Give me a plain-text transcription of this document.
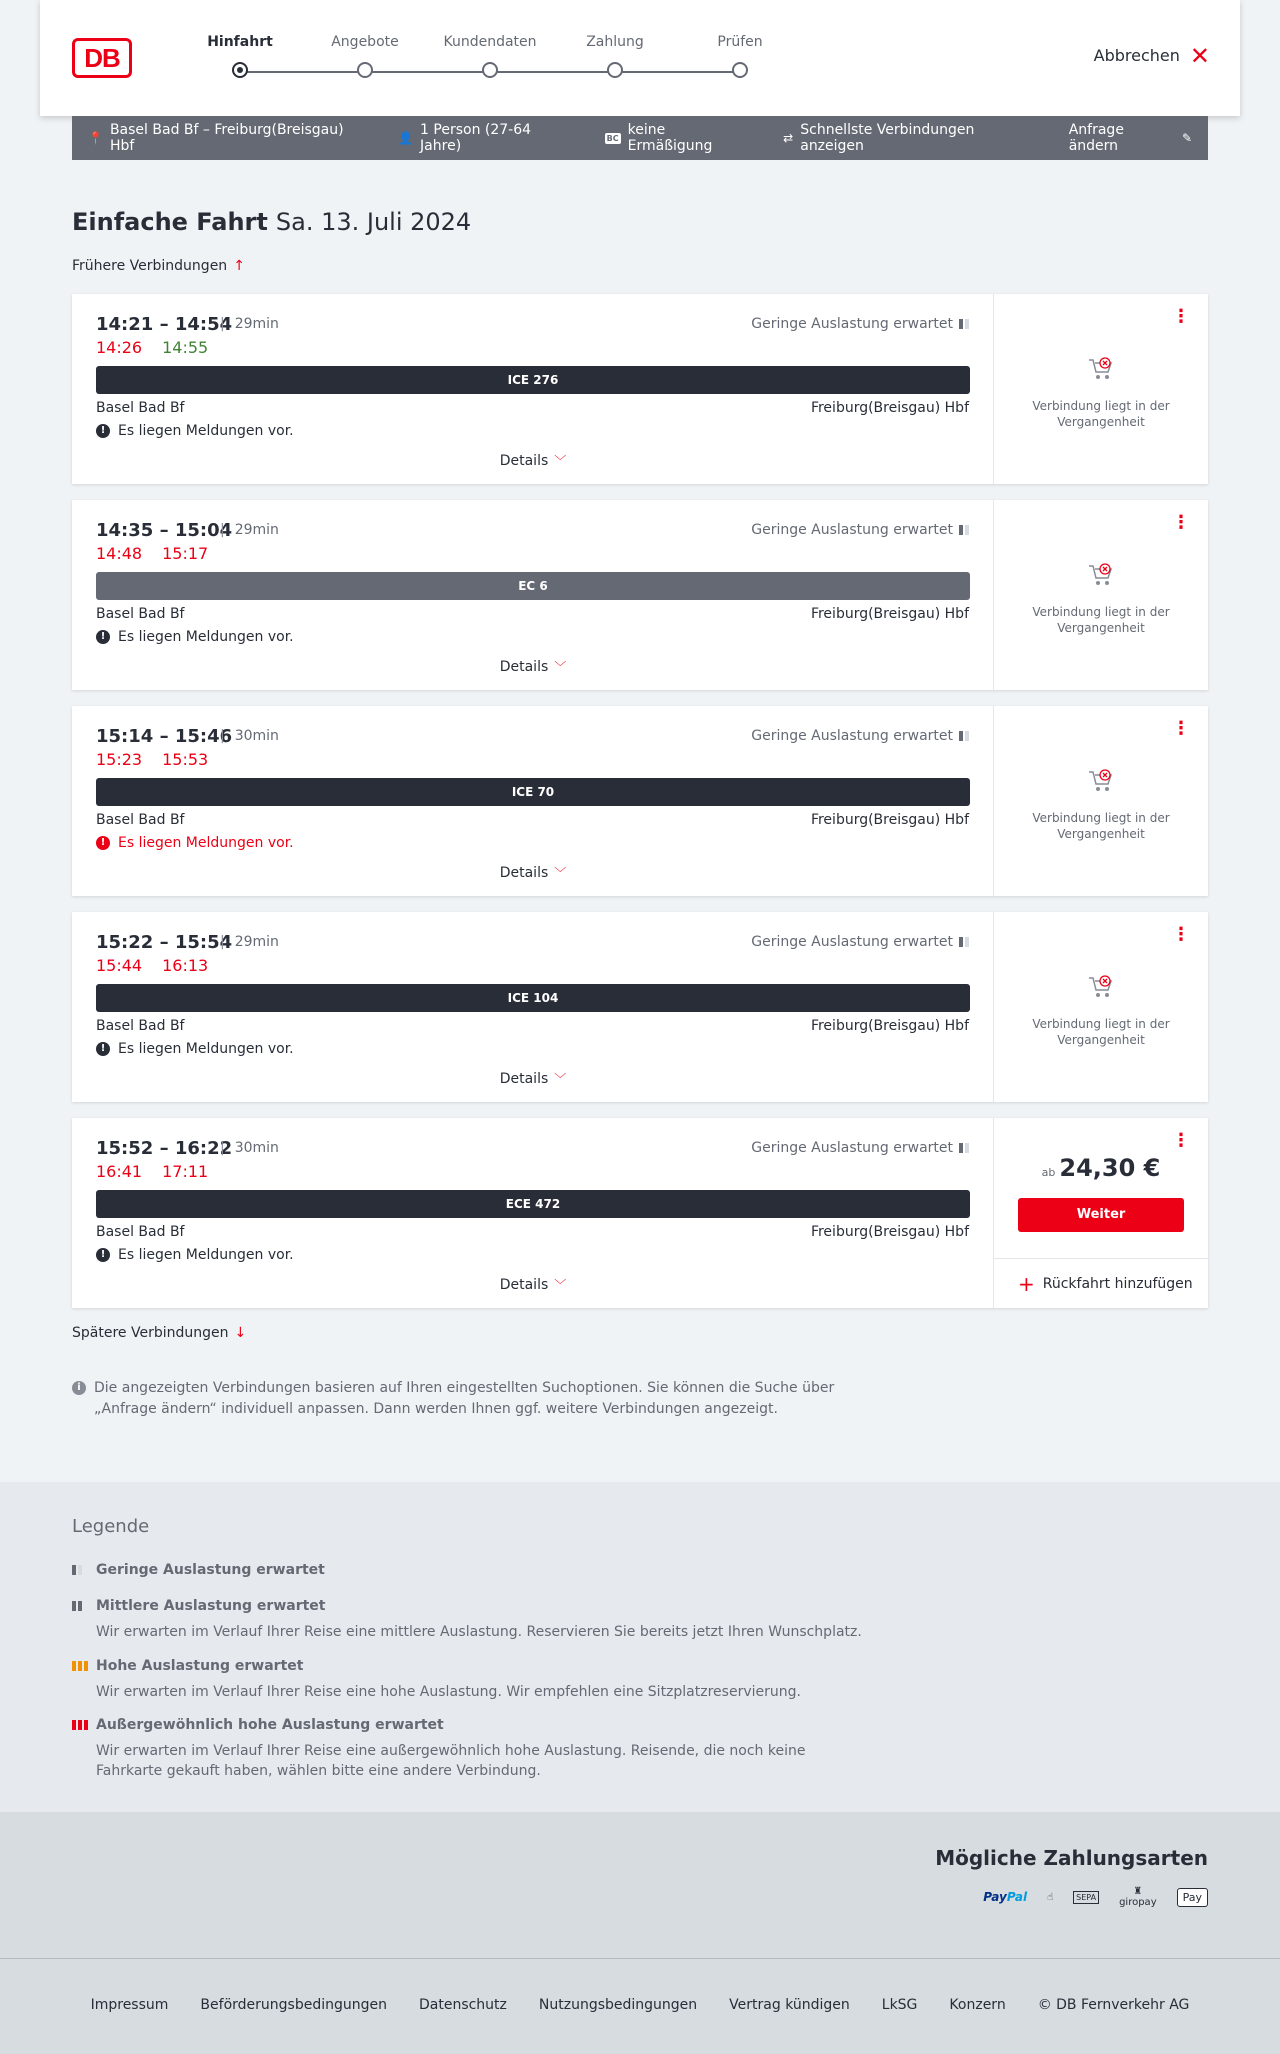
DB
Hinfahrt	Angebote	Kundendaten	Zahlung	Prüfen
Abbrechen ✕
📍 Basel Bad Bf – Freiburg(Breisgau) Hbf	👤 1 Person (27-64 Jahre)	BC keine Ermäßigung	⇄ Schnellste Verbindungen anzeigen
Anfrage ändern	✎
Einfache Fahrt Sa. 13. Juli 2024
Frühere Verbindungen ↑
14:21 – 14:54 | 29min
14:26 14:55
Geringe Auslastung erwartet
ICE 276
Basel Bad Bf	Freiburg(Breisgau) Hbf
! Es liegen Meldungen vor.
Details ﹀
⋮
Verbindung liegt in der Vergangenheit
14:35 – 15:04 | 29min
14:48 15:17
Geringe Auslastung erwartet
EC 6
Basel Bad Bf	Freiburg(Breisgau) Hbf
! Es liegen Meldungen vor.
Details ﹀
⋮
Verbindung liegt in der Vergangenheit
15:14 – 15:46 | 30min
15:23 15:53
Geringe Auslastung erwartet
ICE 70
Basel Bad Bf	Freiburg(Breisgau) Hbf
! Es liegen Meldungen vor.
Details ﹀
⋮
Verbindung liegt in der Vergangenheit
15:22 – 15:54 | 29min
15:44 16:13
Geringe Auslastung erwartet
ICE 104
Basel Bad Bf	Freiburg(Breisgau) Hbf
! Es liegen Meldungen vor.
Details ﹀
⋮
Verbindung liegt in der Vergangenheit
15:52 – 16:22 | 30min
16:41 17:11
Geringe Auslastung erwartet
ECE 472
Basel Bad Bf	Freiburg(Breisgau) Hbf
! Es liegen Meldungen vor.
Details ﹀
⋮
ab 24,30 €
Weiter
+ Rückfahrt hinzufügen
Spätere Verbindungen ↓
i Die angezeigten Verbindungen basieren auf Ihren eingestellten Suchoptionen. Sie können die Suche über „Anfrage ändern“ individuell anpassen. Dann werden Ihnen ggf. weitere Verbindungen angezeigt.
Legende
Geringe Auslastung erwartet
Mittlere Auslastung erwartet
Wir erwarten im Verlauf Ihrer Reise eine mittlere Auslastung. Reservieren Sie bereits jetzt Ihren Wunschplatz.
Hohe Auslastung erwartet
Wir erwarten im Verlauf Ihrer Reise eine hohe Auslastung. Wir empfehlen eine Sitzplatzreservierung.
Außergewöhnlich hohe Auslastung erwartet
Wir erwarten im Verlauf Ihrer Reise eine außergewöhnlich hohe Auslastung. Reisende, die noch keine Fahrkarte gekauft haben, wählen bitte eine andere Verbindung.
Mögliche Zahlungsarten
PayPal ☝	SEPA	♜
giropay	Pay
Impressum Beförderungsbedingungen Datenschutz Nutzungsbedingungen Vertrag kündigen LkSG Konzern © DB Fernverkehr AG
